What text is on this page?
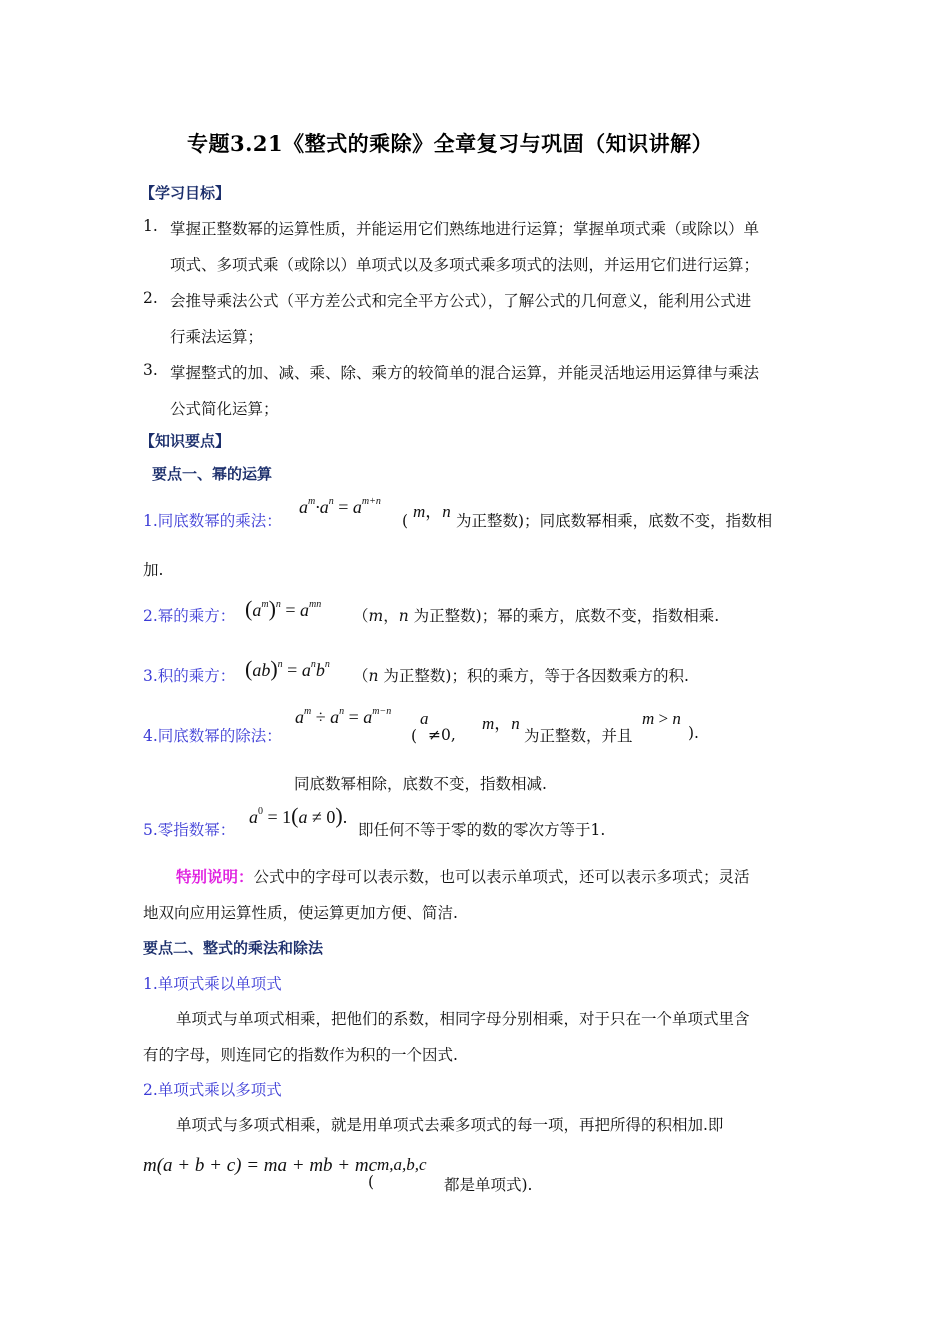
专题3.21《整式的乘除》全章复习与巩固（知识讲解）
【学习目标】
1. 掌握正整数幂的运算性质，并能运用它们熟练地进行运算；掌握单项式乘（或除以）单
项式、多项式乘（或除以）单项式以及多项式乘多项式的法则，并运用它们进行运算；
2. 会推导乘法公式（平方差公式和完全平方公式），了解公式的几何意义，能利用公式进
行乘法运算；
3. 掌握整式的加、减、乘、除、乘方的较简单的混合运算，并能灵活地运用运算律与乘法
公式简化运算；
【知识要点】
要点一、幂的运算
1.同底数幂的乘法：
$a^m\cdot a^n = a^{m+n}$
( m，n 为正整数)；同底数幂相乘，底数不变，指数相
加.
2.幂的乘方： $(a^m)^n = a^{mn}$
（m，n 为正整数)；幂的乘方，底数不变，指数相乘.
3.积的乘方： $(ab)^n = a^nb^n$
（n 为正整数)；积的乘方，等于各因数乘方的积.
4.同底数幂的除法：
$a^m \div a^n = a^{m-n}$
(
a
≠0,
m，n
为正整数，并且
m > n
).
同底数幂相除，底数不变，指数相减.
5.零指数幂：
$a^0 = 1(a \ne 0)$.
即任何不等于零的数的零次方等于1.
特别说明：公式中的字母可以表示数，也可以表示单项式，还可以表示多项式；灵活
地双向应用运算性质，使运算更加方便、简洁.
要点二、整式的乘法和除法
1.单项式乘以单项式
单项式与单项式相乘，把他们的系数，相同字母分别相乘，对于只在一个单项式里含
有的字母，则连同它的指数作为积的一个因式.
2.单项式乘以多项式
单项式与多项式相乘，就是用单项式去乘多项式的每一项，再把所得的积相加.即
m(a + b + c) = ma + mb + mc
(
m,a,b,c
都是单项式).
